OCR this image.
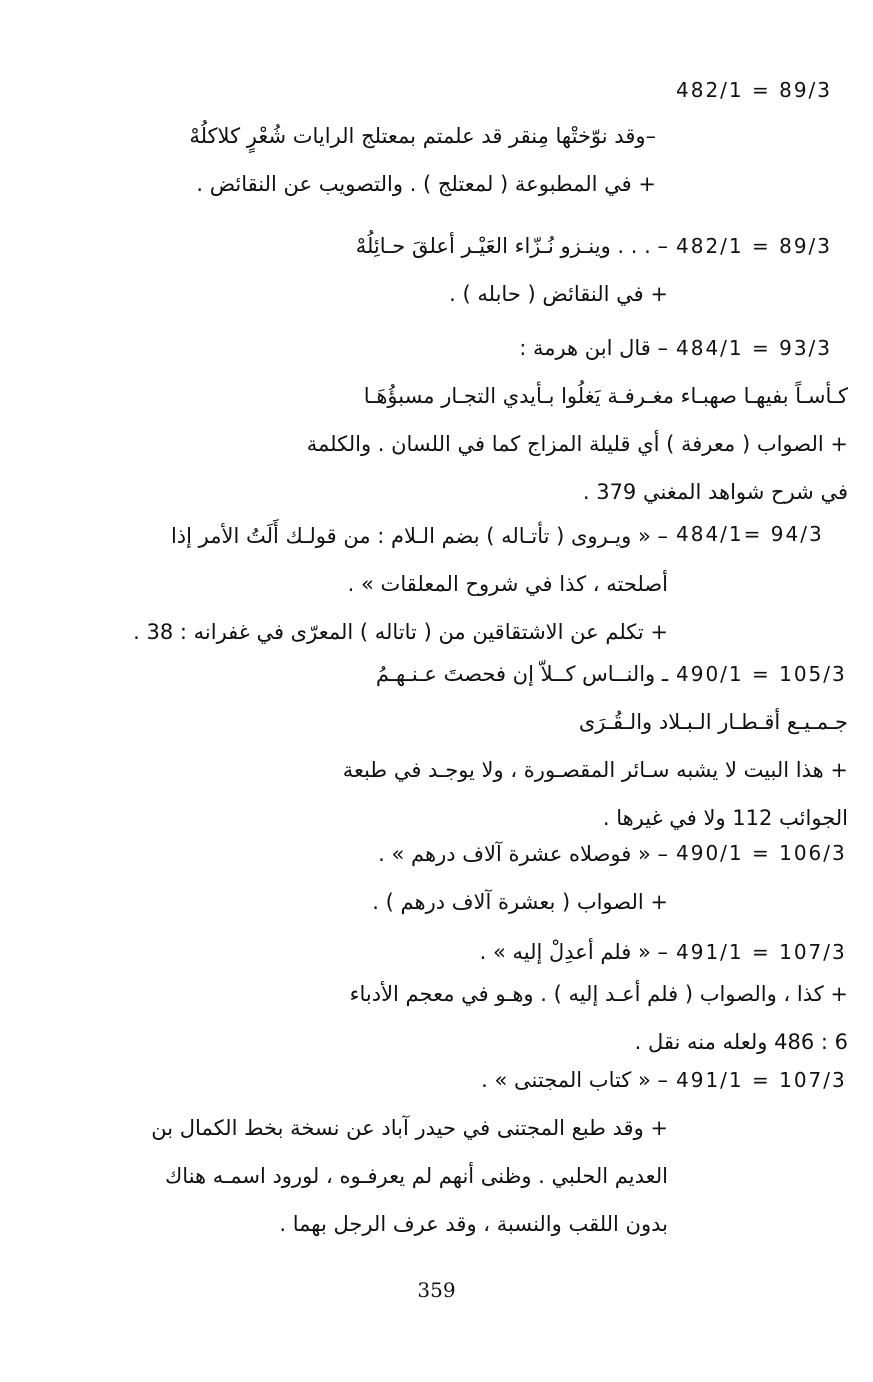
482/1 = 89/3
–وقد نوّختْها مِنقر قد علمتم بمعتلج الرايات شُعْرٍ كلاكلُهْ
+ في المطبوعة ( لمعتلج ) . والتصويب عن النقائض .
482/1 = 89/3
– . . . وينـزو نُـزّاء العَيْـر أعلقَ حـائِلُهْ
+ في النقائض ( حابله ) .
484/1 = 93/3
– قال ابن هرمة :
كـأسـاً بفيهـا صهبـاء مغـرفـة يَغلُوا بـأيدي التجـار مسبؤُهَـا
+ الصواب ( معرفة ) أي قليلة المزاج كما في اللسان . والكلمة
في شرح شواهد المغني 379 .
484/1= 94/3
– « ويـروى ( تأتـاله ) بضم الـلام : من قولـك أَلَتُ الأمر إذا
أصلحته ، كذا في شروح المعلقات » .
+ تكلم عن الاشتقاقين من ( تاتاله ) المعرّى في غفرانه : 38 .
490/1 = 105/3
ـ والنــاس كــلاّ إن فحصتَ عـنـهـمُ
جـمـيـع أقـطـار الـبـلاد والـقُـرَى
+ هذا البيت لا يشبه سـائر المقصـورة ، ولا يوجـد في طبعة
الجوائب 112 ولا في غيرها .
490/1 = 106/3
– « فوصلاه عشرة آلاف درهم » .
+ الصواب ( بعشرة آلاف درهم ) .
491/1 = 107/3
– « فلم أعدِلْ إليه » .
+ كذا ، والصواب ( فلم أعـد إليه ) . وهـو في معجم الأدباء
6 : 486 ولعله منه نقل .
491/1 = 107/3
– « كتاب المجتنى » .
+ وقد طبع المجتنى في حيدر آباد عن نسخة بخط الكمال بن
العديم الحلبي . وظنى أنهم لم يعرفـوه ، لورود اسمـه هناك
بدون اللقب والنسبة ، وقد عرف الرجل بهما .
359
